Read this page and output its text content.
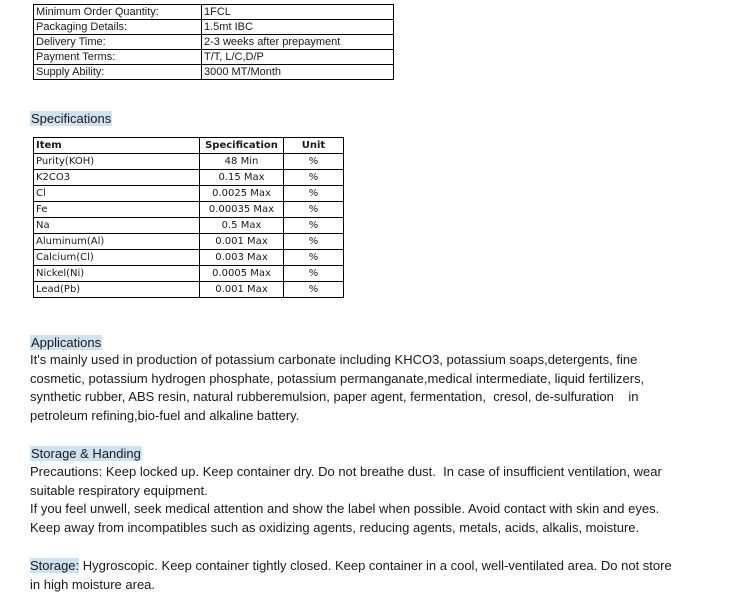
Minimum Order Quantity:	1FCL
Packaging Details:	1.5mt IBC
Delivery Time:	2-3 weeks after prepayment
Payment Terms:	T/T, L/C,D/P
Supply Ability:	3000 MT/Month
Specifications
Item	Specification	Unit
Purity(KOH)	48 Min	%
K2CO3	0.15 Max	%
Cl	0.0025 Max	%
Fe	0.00035 Max	%
Na	0.5 Max	%
Aluminum(Al)	0.001 Max	%
Calcium(Cl)	0.003 Max	%
Nickel(Ni)	0.0005 Max	%
Lead(Pb)	0.001 Max	%
Applications
It's mainly used in production of potassium carbonate including KHCO3, potassium soaps,detergents, fine
cosmetic, potassium hydrogen phosphate, potassium permanganate,medical intermediate, liquid fertilizers,
synthetic rubber, ABS resin, natural rubberemulsion, paper agent, fermentation,  cresol, de-sulfuration    in
petroleum refining,bio-fuel and alkaline battery.
Storage & Handing
Precautions: Keep locked up. Keep container dry. Do not breathe dust.  In case of insufficient ventilation, wear
suitable respiratory equipment.
If you feel unwell, seek medical attention and show the label when possible. Avoid contact with skin and eyes.
Keep away from incompatibles such as oxidizing agents, reducing agents, metals, acids, alkalis, moisture.
Storage: Hygroscopic. Keep container tightly closed. Keep container in a cool, well-ventilated area. Do not store
in high moisture area.
